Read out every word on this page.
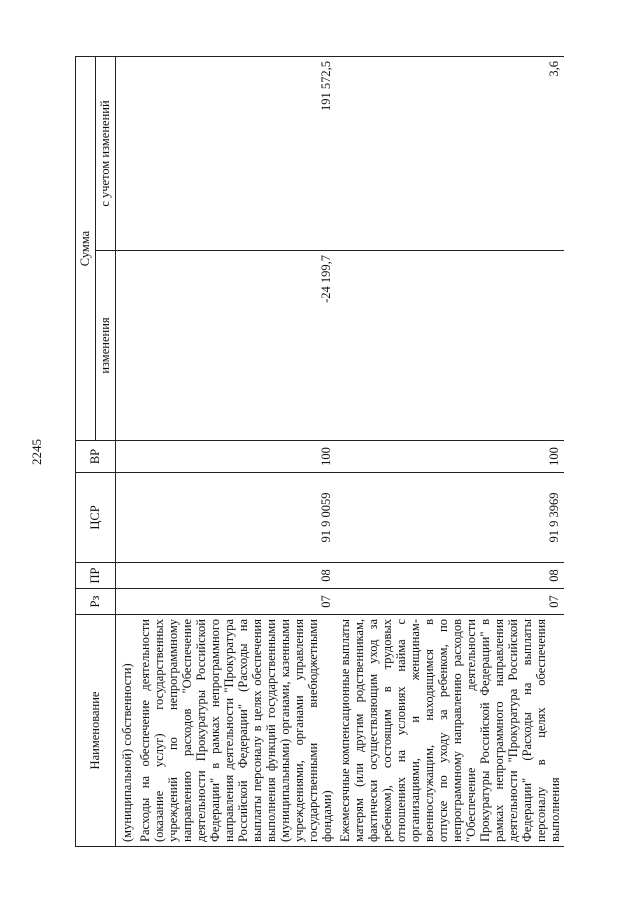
2245
Наименование	Рз	ПР	ЦСР	ВР	Сумма	
					изменения	с учетом изменений
(муниципальной) собственности)						
Расходы на обеспечение деятельности (оказание услуг) государственных учреждений по непрограммному направлению расходов "Обеспечение деятельности Прокуратуры Российской Федерации" в рамках непрограммного направления деятельности "Прокуратура Российской Федерации" (Расходы на выплаты персоналу в целях обеспечения выполнения функций государственными (муниципальными) органами, казенными учреждениями, органами управления государственными внебюджетными фондами)	07	08	91 9 0059	100	-24 199,7	191 572,5
Ежемесячные компенсационные выплаты матерям (или другим родственникам, фактически осуществляющим уход за ребенком), состоящим в трудовых отношениях на условиях найма с организациями, и женщинам-военнослужащим, находящимся в отпуске по уходу за ребенком, по непрограммному направлению расходов "Обеспечение деятельности Прокуратуры Российской Федерации" в рамках непрограммного направления деятельности "Прокуратура Российской Федерации" (Расходы на выплаты персоналу в целях обеспечения выполнения	07	08	91 9 3969	100		3,6
